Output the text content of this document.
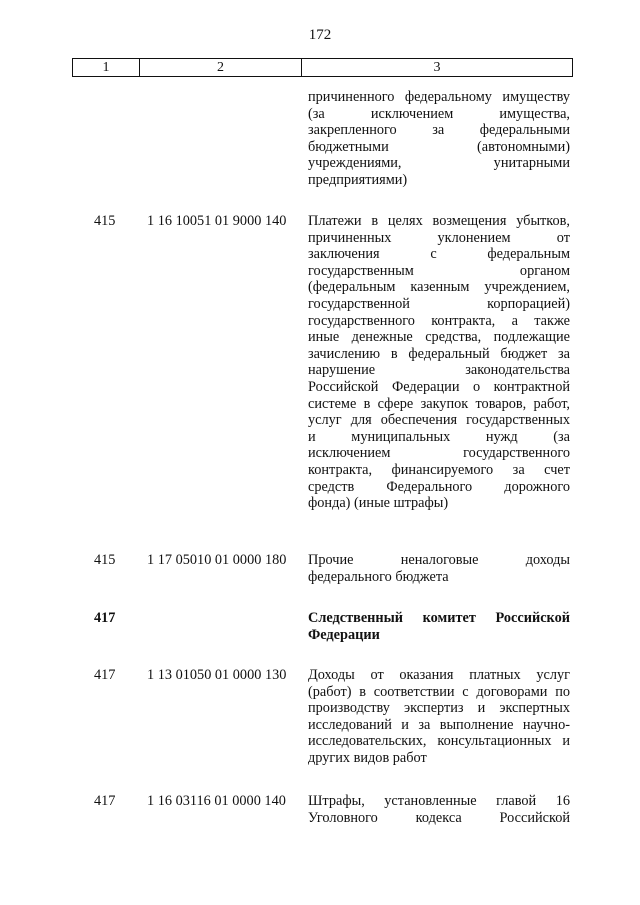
172
1	2	3
причиненного федеральному имуществу
(за исключением имущества,
закрепленного за федеральными
бюджетными (автономными)
учреждениями, унитарными
предприятиями)
415 1 16 10051 01 9000 140 Платежи в целях возмещения убытков,
причиненных уклонением от
заключения с федеральным
государственным органом
(федеральным казенным учреждением,
государственной корпорацией)
государственного контракта, а также
иные денежные средства, подлежащие
зачислению в федеральный бюджет за
нарушение законодательства
Российской Федерации о контрактной
системе в сфере закупок товаров, работ,
услуг для обеспечения государственных
и муниципальных нужд (за
исключением государственного
контракта, финансируемого за счет
средств Федерального дорожного
фонда) (иные штрафы)
415 1 17 05010 01 0000 180 Прочие неналоговые доходы
федерального бюджета
417	Следственный комитет Российской
Федерации
417 1 13 01050 01 0000 130 Доходы от оказания платных услуг
(работ) в соответствии с договорами по
производству экспертиз и экспертных
исследований и за выполнение научно-
исследовательских, консультационных и
других видов работ
417 1 16 03116 01 0000 140 Штрафы, установленные главой 16
Уголовного кодекса Российской
